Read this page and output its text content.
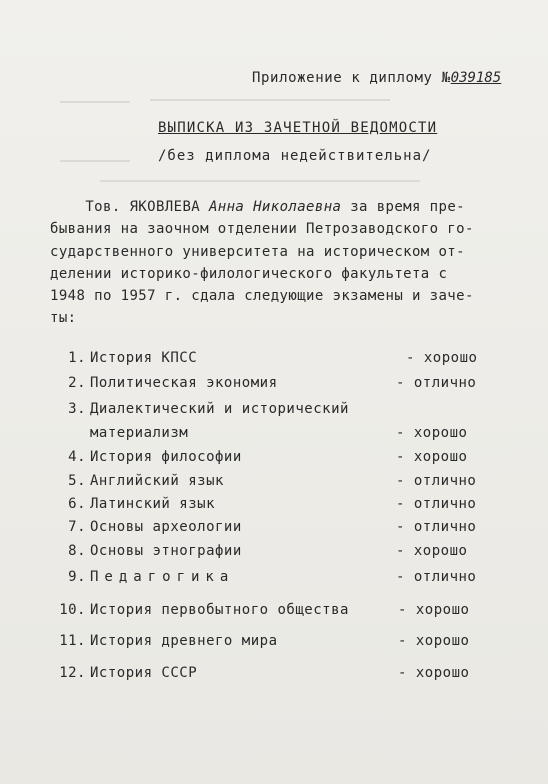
Приложение к диплому №039185
ВЫПИСКА ИЗ ЗАЧЕТНОЙ ВЕДОМОСТИ
/без диплома недействительна/
Тов. ЯКОВЛЕВА Анна Николаевна за время пре-
бывания на заочном отделении Петрозаводского го-
сударственного университета на историческом от-
делении историко-филологического факультета с
1948 по 1957 г. сдала следующие экзамены и заче-
ты:
1. История КПСС	- хорошо
2. Политическая экономия	- отлично
3. Диалектический и исторический
материализм	- хорошо
4. История философии	- хорошо
5. Английский язык	- отлично
6. Латинский язык	- отлично
7. Основы археологии	- отлично
8. Основы этнографии	- хорошо
9. Педагогика	- отлично
10. История первобытного общества	- хорошо
11. История древнего мира	- хорошо
12. История СССР	- хорошо
